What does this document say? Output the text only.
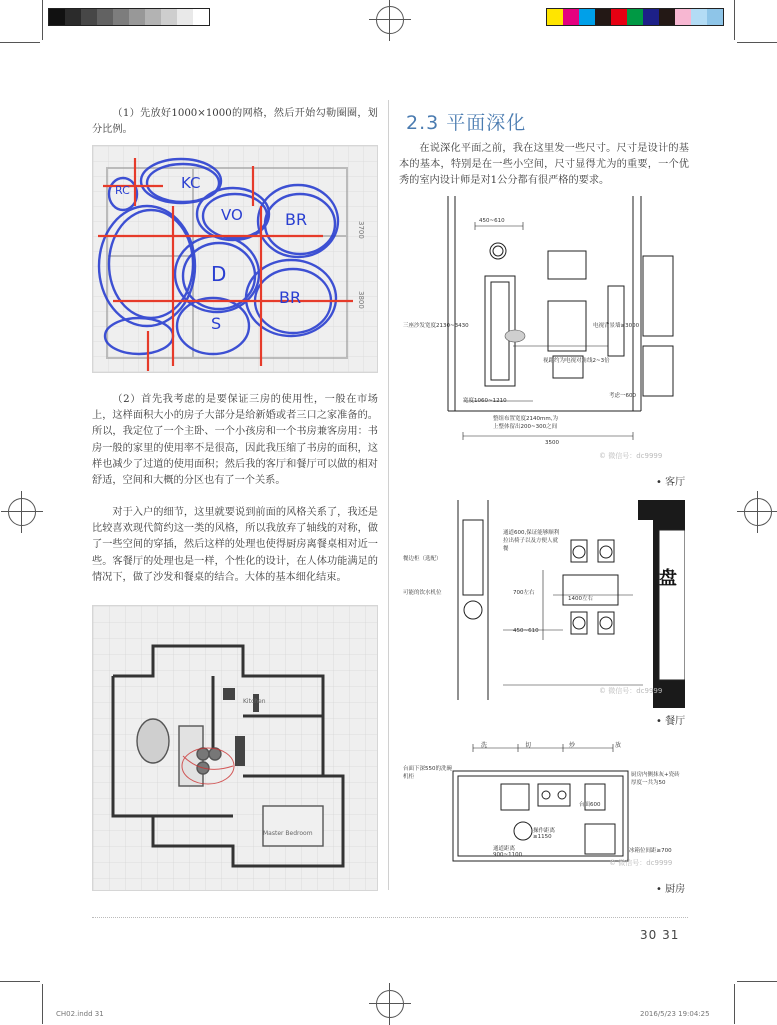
（1）先放好1000×1000的网格，然后开始勾勒圈圈，划分比例。
KC
RC
VO	BR
D
BR
S
3700
3800
（2）首先我考虑的是要保证三房的使用性，一般在市场上，这样面积大小的房子大部分是给新婚或者三口之家准备的。所以，我定位了一个主卧、一个小孩房和一个书房兼客房用：书房一般的家里的使用率不是很高，因此我压缩了书房的面积，这样也减少了过道的使用面积；然后我的客厅和餐厅可以做的相对舒适，空间和大概的分区也有了一个关系。
对于入户的细节，这里就要说到前面的风格关系了，我还是比较喜欢现代简约这一类的风格，所以我放弃了轴线的对称，做了一些空间的穿插，然后这样的处理也使得厨房离餐桌相对近一些。客餐厅的处理也是一样，个性化的设计，在人体功能满足的情况下，做了沙发和餐桌的结合。大体的基本细化结束。
Master Bedroom
Kitchen
2.3 平面深化
在说深化平面之前，我在这里发一些尺寸。尺寸是设计的基本的基本，特别是在一些小空间，尺寸显得尤为的重要，一个优秀的室内设计师是对1公分都有很严格的要求。
450~610
三座沙发宽度2130~3430	电视背景墙≥3000
视距约为电视对角线2~3倍
宽度1060~1210
整组布置宽度2140mm,为
上整体留出200~300之间
3500
考虑一600
© 微信号：dc9999
• 客厅
餐边柜（选配）
可能的饮水机位
通道600,保证能够顺利拉出椅子以及方便人就餐
700左右
1400左右
450~610
盘
© 微信号：dc9999
• 餐厅
洗	切	炒	放
台面下深550的洗碗机柜
台面600
厨房内侧抹灰+瓷砖厚度一共为50
操作距离≥1150
通道距离900~1100
冰箱位间距≥700
© 微信号：dc9999
• 厨房
30 31
CH02.indd 31	2016/5/23 19:04:25
